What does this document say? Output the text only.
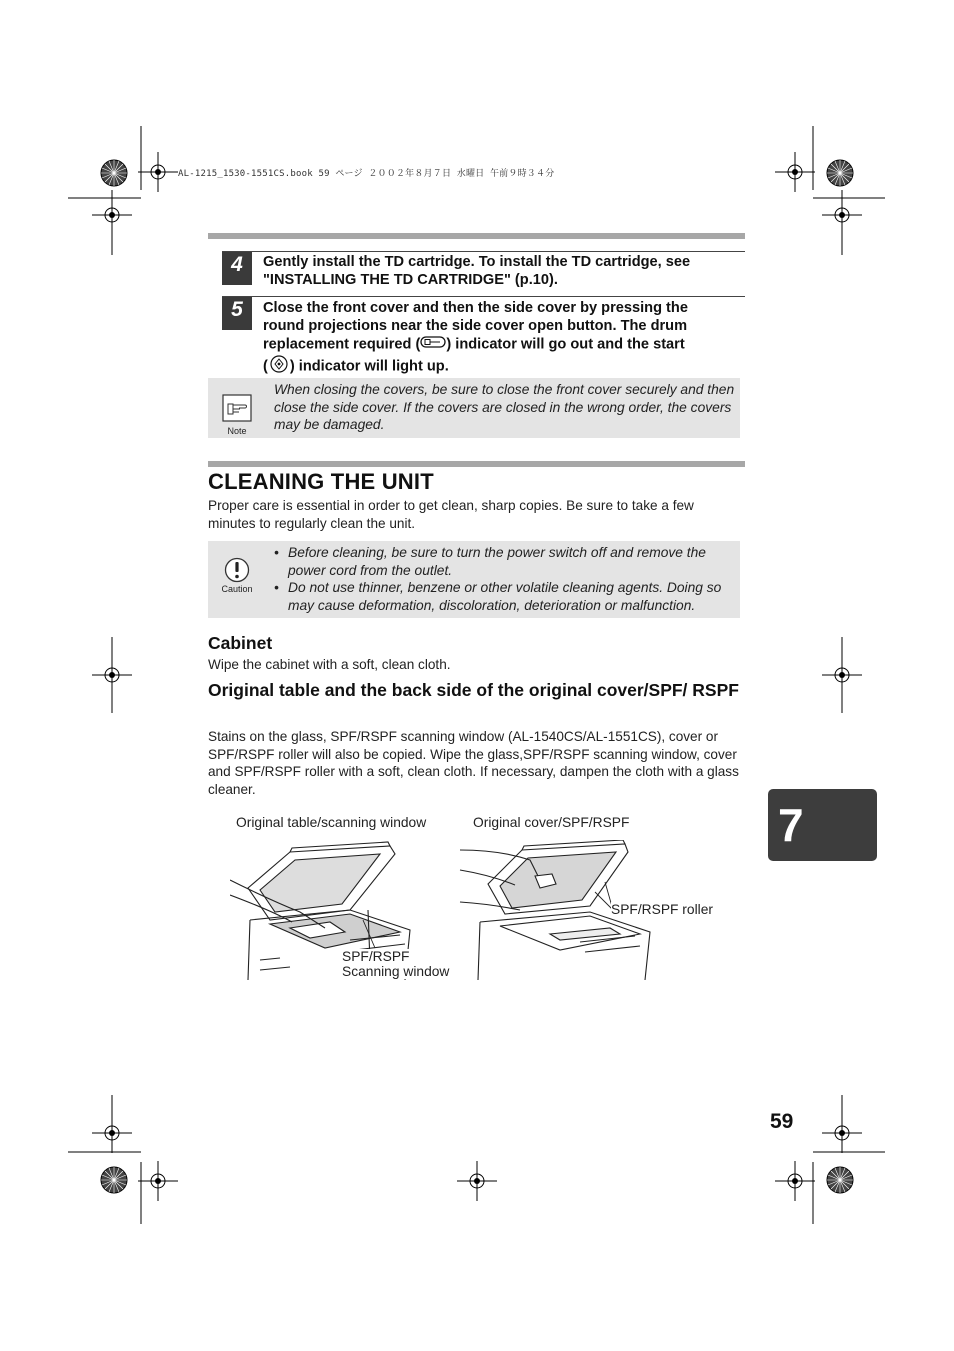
AL-1215_1530-1551CS.book 59 ページ ２００２年８月７日 水曜日 午前９時３４分
4	Gently install the TD cartridge. To install the TD cartridge, see "INSTALLING THE TD CARTRIDGE" (p.10).
5	Close the front cover and then the side cover by pressing the
round projections near the side cover open button. The drum
replacement required ( ) indicator will go out and the start
( ) indicator will light up.
Note
When closing the covers, be sure to close the front cover securely and then close the side cover. If the covers are closed in the wrong order, the covers may be damaged.
CLEANING THE UNIT
Proper care is essential in order to get clean, sharp copies. Be sure to take a few minutes to regularly clean the unit.
Caution
• Before cleaning, be sure to turn the power switch off and remove the power cord from the outlet.
• Do not use thinner, benzene or other volatile cleaning agents. Doing so may cause deformation, discoloration, deterioration or malfunction.
Cabinet
Wipe the cabinet with a soft, clean cloth.
Original table and the back side of the original cover/SPF/ RSPF
Stains on the glass, SPF/RSPF scanning window (AL-1540CS/AL-1551CS), cover or SPF/RSPF roller will also be copied. Wipe the glass,SPF/RSPF scanning window, cover and SPF/RSPF roller with a soft, clean cloth. If necessary, dampen the cloth with a glass cleaner.
Original table/scanning window	Original cover/SPF/RSPF
SPF/RSPF
Scanning window
SPF/RSPF roller
7
59
